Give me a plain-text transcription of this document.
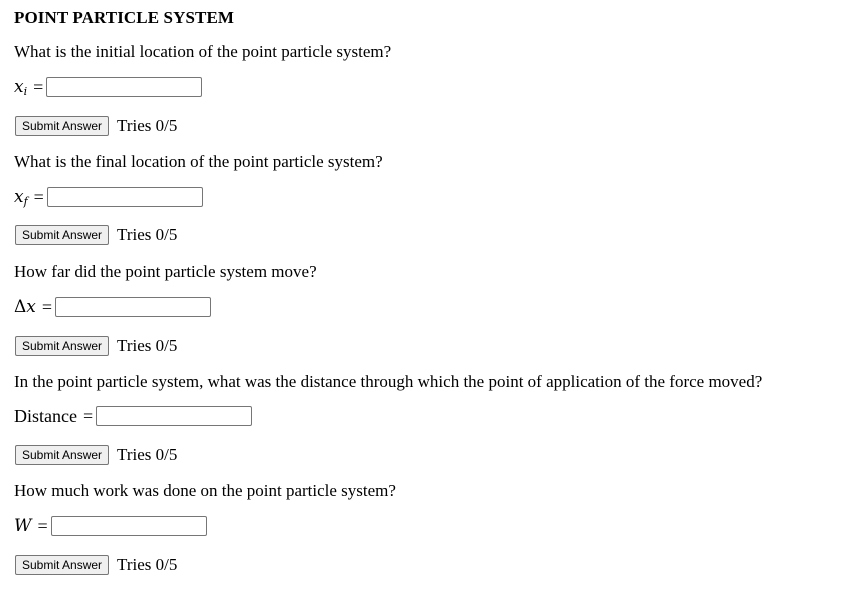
POINT PARTICLE SYSTEM
What is the initial location of the point particle system?
$x_i$ =
Submit Answer Tries 0/5
What is the final location of the point particle system?
$x_f$ =
Submit Answer Tries 0/5
How far did the point particle system move?
Δx =
Submit Answer Tries 0/5
In the point particle system, what was the distance through which the point of application of the force moved?
Distance =
Submit Answer Tries 0/5
How much work was done on the point particle system?
W =
Submit Answer Tries 0/5
